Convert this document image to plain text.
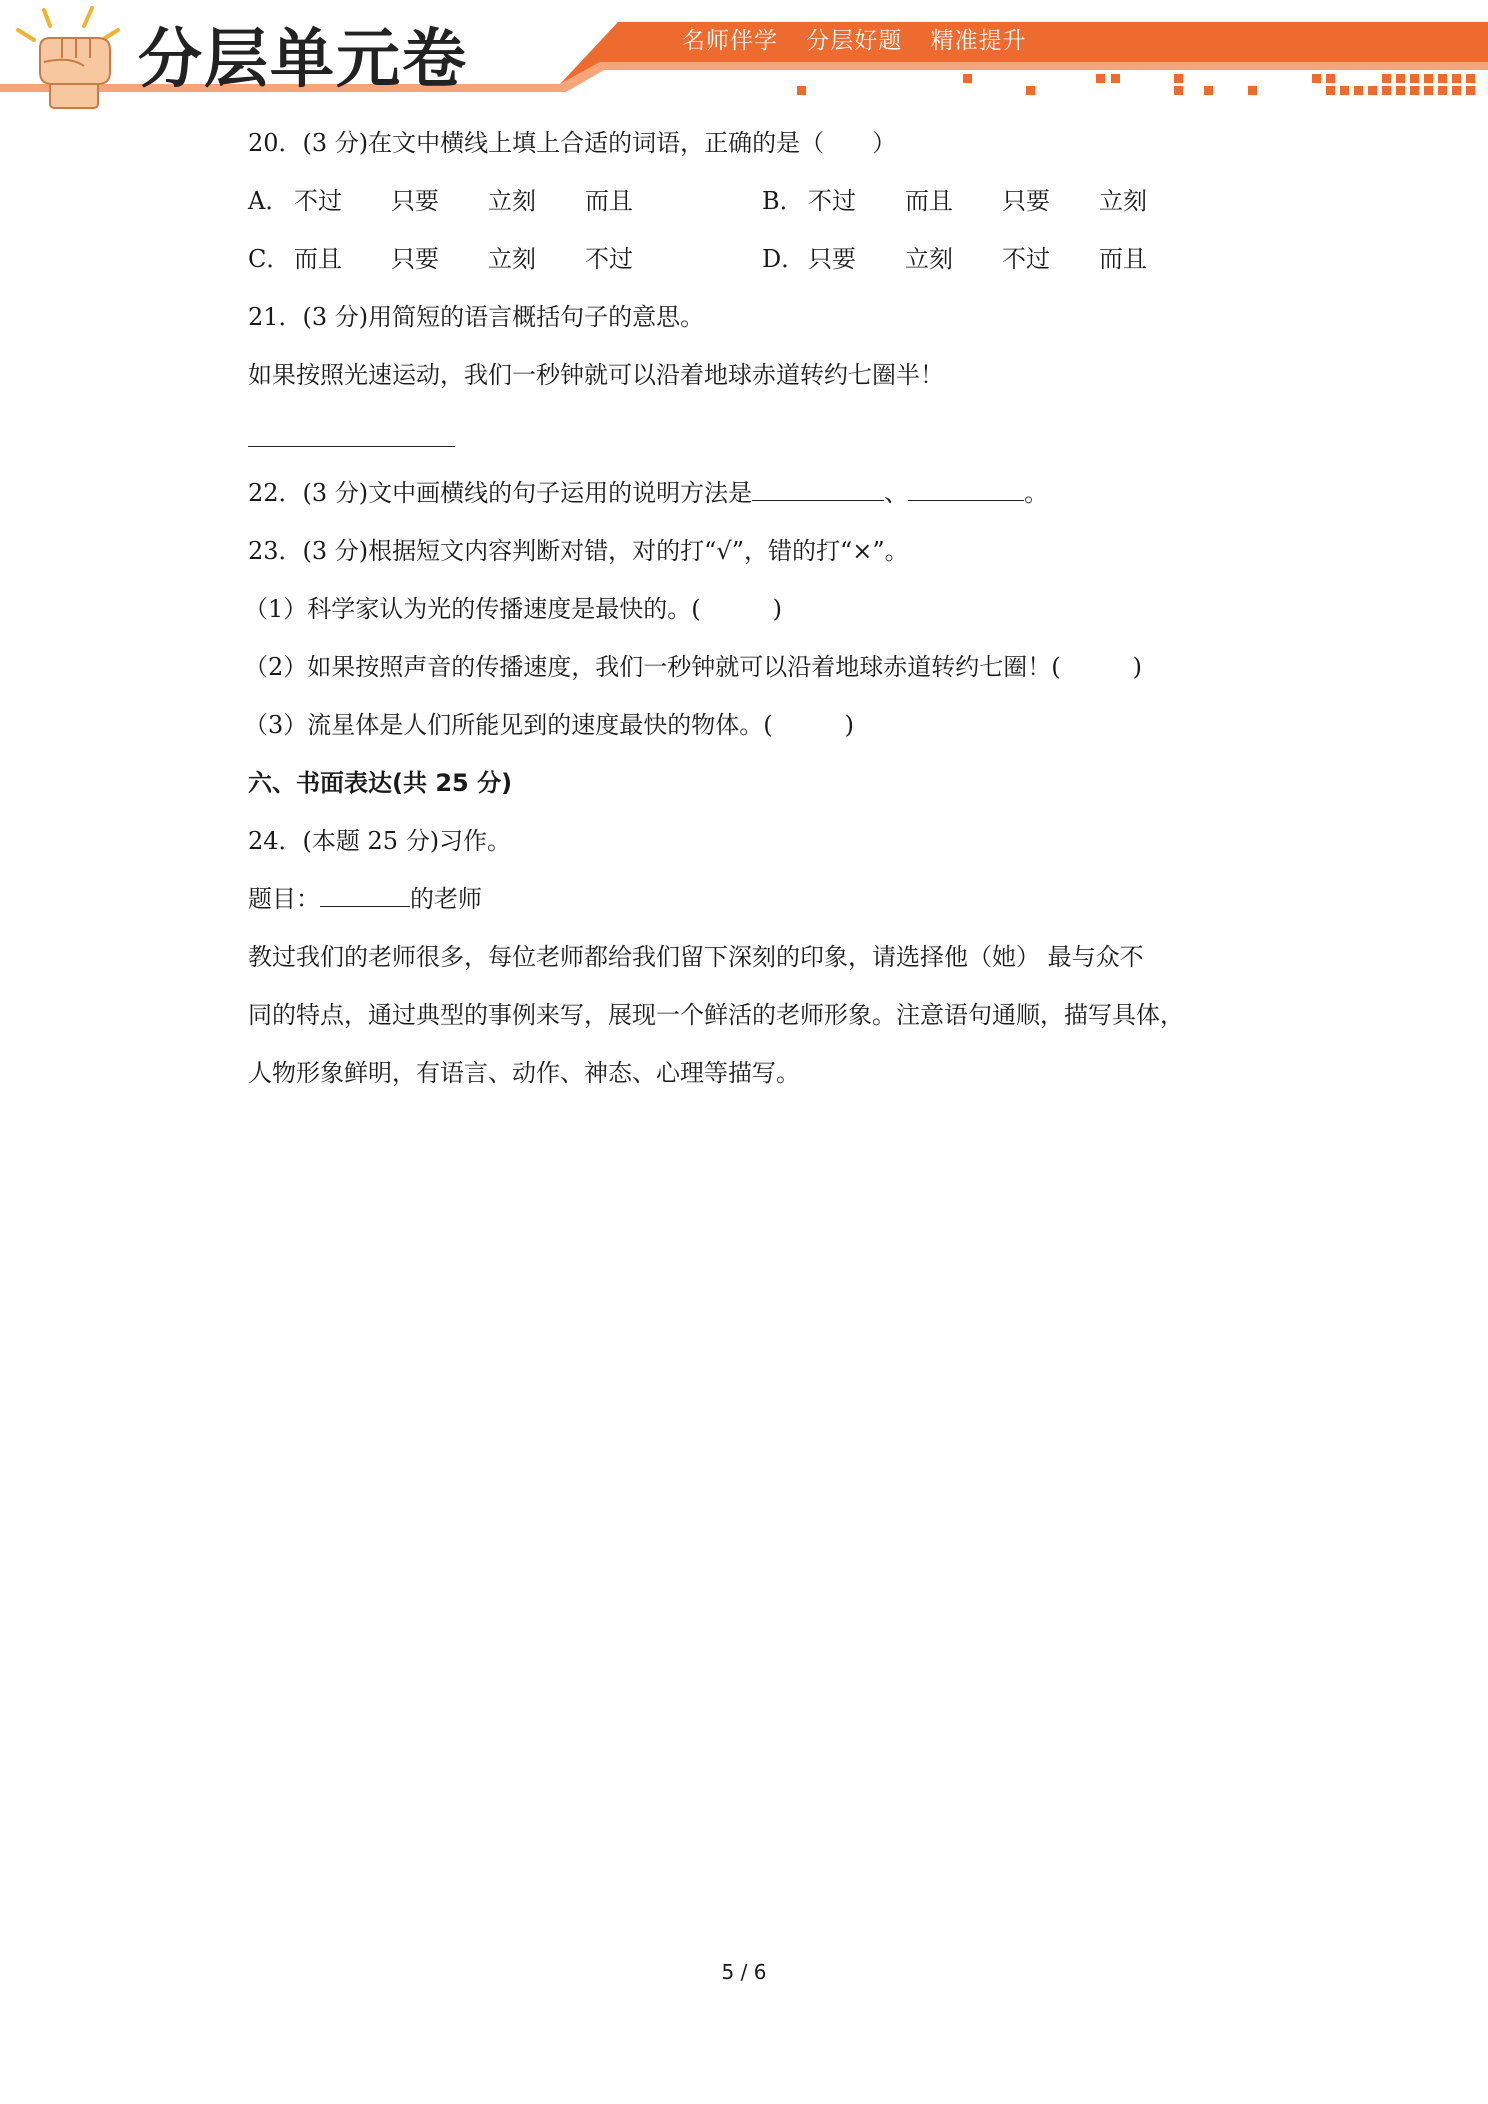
分层单元卷	名师伴学 分层好题 精准提升

20．(3 分)在文中横线上填上合适的词语，正确的是（　　）

A． 不过 只要 立刻 而且	B． 不过 而且 只要 立刻
C． 而且 只要 立刻 不过	D． 只要 立刻 不过 而且

21．(3 分)用简短的语言概括句子的意思。

如果按照光速运动，我们一秒钟就可以沿着地球赤道转约七圈半！

22．(3 分)文中画横线的句子运用的说明方法是	、	。

23．(3 分)根据短文内容判断对错，对的打“√”，错的打“×”。

（1）科学家认为光的传播速度是最快的。(　　　)

（2）如果按照声音的传播速度，我们一秒钟就可以沿着地球赤道转约七圈！(　　　)

（3）流星体是人们所能见到的速度最快的物体。(　　　)

六、书面表达(共 25 分)

24．(本题 25 分)习作。

题目：	的老师

教过我们的老师很多，每位老师都给我们留下深刻的印象，请选择他（她） 最与众不

同的特点，通过典型的事例来写，展现一个鲜活的老师形象。注意语句通顺，描写具体，

人物形象鲜明，有语言、动作、神态、心理等描写。

5 / 6
